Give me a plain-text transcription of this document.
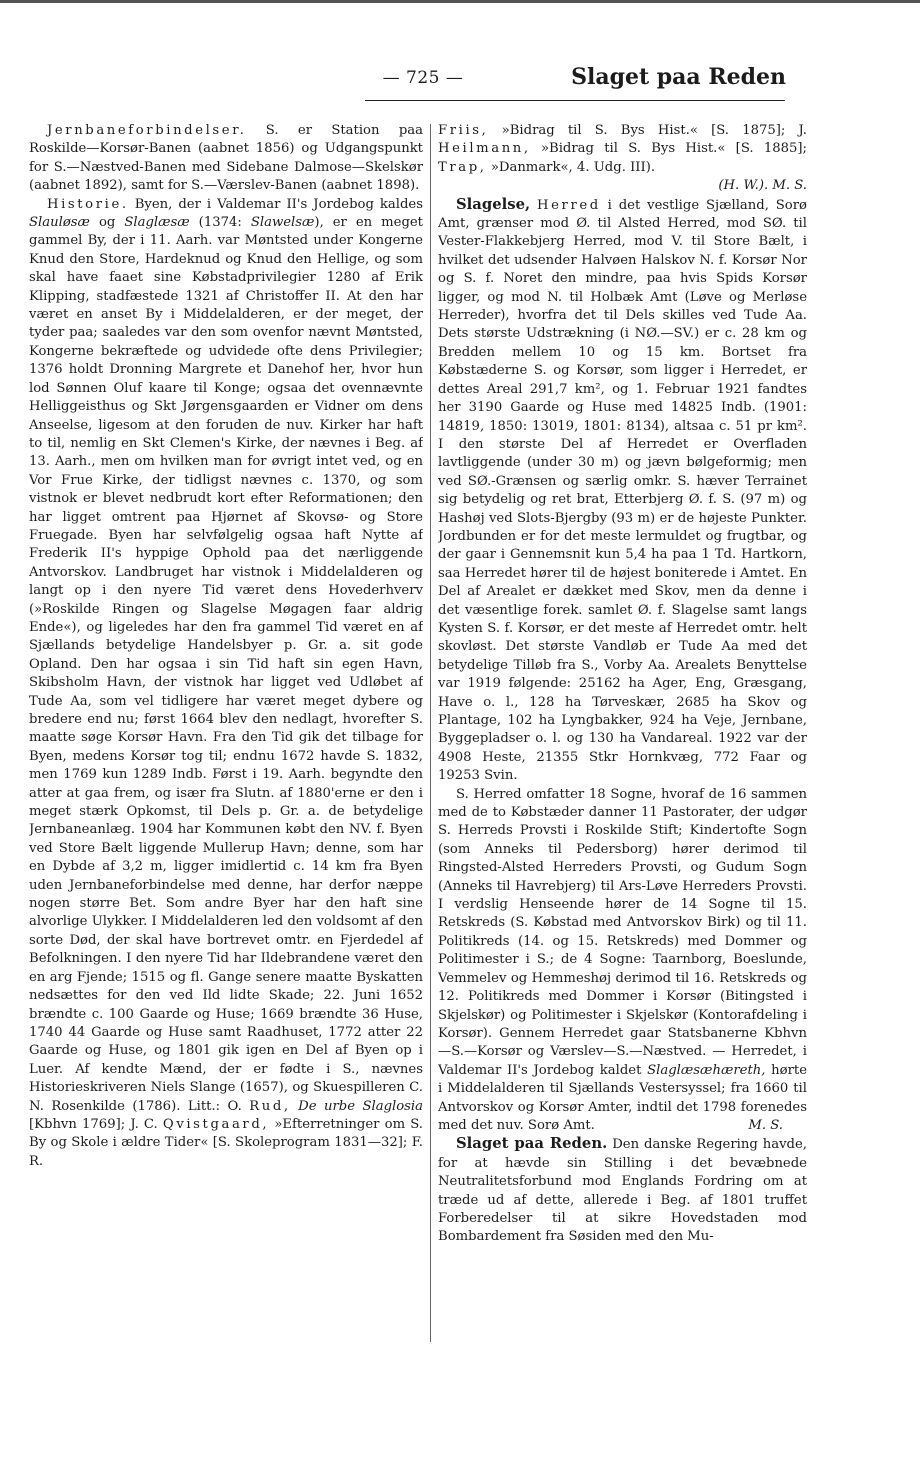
— 725 —	Slaget paa Reden

Jernbaneforbindelser. S. er Station paa Roskilde—Korsør-Banen (aabnet 1856) og Udgangspunkt for S.—Næstved-Banen med Sidebane Dalmose—Skelskør (aabnet 1892), samt for S.—Værslev-Banen (aabnet 1898).

Historie. Byen, der i Valdemar II's Jordebog kaldes Slauløsæ og Slaglæsæ (1374: Slawelsæ), er en meget gammel By, der i 11. Aarh. var Møntsted under Kongerne Knud den Store, Hardeknud og Knud den Hellige, og som skal have faaet sine Købstadprivilegier 1280 af Erik Klipping, stadfæstede 1321 af Christoffer II. At den har været en anset By i Middelalderen, er der meget, der tyder paa; saaledes var den som ovenfor nævnt Møntsted, Kongerne bekræftede og udvidede ofte dens Privilegier; 1376 holdt Dronning Margrete et Danehof her, hvor hun lod Sønnen Oluf kaare til Konge; ogsaa det ovennævnte Helliggeisthus og Skt Jørgensgaarden er Vidner om dens Anseelse, ligesom at den foruden de nuv. Kirker har haft to til, nemlig en Skt Clemen's Kirke, der nævnes i Beg. af 13. Aarh., men om hvilken man for øvrigt intet ved, og en Vor Frue Kirke, der tidligst nævnes c. 1370, og som vistnok er blevet nedbrudt kort efter Reformationen; den har ligget omtrent paa Hjørnet af Skovsø- og Store Fruegade. Byen har selvfølgelig ogsaa haft Nytte af Frederik II's hyppige Ophold paa det nærliggende Antvorskov. Landbruget har vistnok i Middelalderen og langt op i den nyere Tid været dens Hovederhverv (»Roskilde Ringen og Slagelse Møgagen faar aldrig Ende«), og ligeledes har den fra gammel Tid været en af Sjællands betydelige Handelsbyer p. Gr. a. sit gode Opland. Den har ogsaa i sin Tid haft sin egen Havn, Skibsholm Havn, der vistnok har ligget ved Udløbet af Tude Aa, som vel tidligere har været meget dybere og bredere end nu; først 1664 blev den nedlagt, hvorefter S. maatte søge Korsør Havn. Fra den Tid gik det tilbage for Byen, medens Korsør tog til; endnu 1672 havde S. 1832, men 1769 kun 1289 Indb. Først i 19. Aarh. begyndte den atter at gaa frem, og især fra Slutn. af 1880'erne er den i meget stærk Opkomst, til Dels p. Gr. a. de betydelige Jernbaneanlæg. 1904 har Kommunen købt den NV. f. Byen ved Store Bælt liggende Mullerup Havn; denne, som har en Dybde af 3,2 m, ligger imidlertid c. 14 km fra Byen uden Jernbaneforbindelse med denne, har derfor næppe nogen større Bet. Som andre Byer har den haft sine alvorlige Ulykker. I Middelalderen led den voldsomt af den sorte Død, der skal have bortrevet omtr. en Fjerdedel af Befolkningen. I den nyere Tid har Ildebrandene været den en arg Fjende; 1515 og fl. Gange senere maatte Byskatten nedsættes for den ved Ild lidte Skade; 22. Juni 1652 brændte c. 100 Gaarde og Huse; 1669 brændte 36 Huse, 1740 44 Gaarde og Huse samt Raadhuset, 1772 atter 22 Gaarde og Huse, og 1801 gik igen en Del af Byen op i Luer. Af kendte Mænd, der er fødte i S., nævnes Historieskriveren Niels Slange (1657), og Skuespilleren C. N. Rosenkilde (1786). Litt.: O. Rud, De urbe Slaglosia [Kbhvn 1769]; J. C. Qvistgaard, »Efterretninger om S. By og Skole i ældre Tider« [S. Skoleprogram 1831—32]; F. R.

Friis, »Bidrag til S. Bys Hist.« [S. 1875]; J. Heilmann, »Bidrag til S. Bys Hist.« [S. 1885]; Trap, »Danmark«, 4. Udg. III).
(H. W.). M. S.

Slagelse, Herred i det vestlige Sjælland, Sorø Amt, grænser mod Ø. til Alsted Herred, mod SØ. til Vester-Flakkebjerg Herred, mod V. til Store Bælt, i hvilket det udsender Halvøen Halskov N. f. Korsør Nor og S. f. Noret den mindre, paa hvis Spids Korsør ligger, og mod N. til Holbæk Amt (Løve og Merløse Herreder), hvorfra det til Dels skilles ved Tude Aa. Dets største Udstrækning (i NØ.—SV.) er c. 28 km og Bredden mellem 10 og 15 km. Bortset fra Købstæderne S. og Korsør, som ligger i Herredet, er dettes Areal 291,7 km², og 1. Februar 1921 fandtes her 3190 Gaarde og Huse med 14825 Indb. (1901: 14819, 1850: 13019, 1801: 8134), altsaa c. 51 pr km². I den største Del af Herredet er Overfladen lavtliggende (under 30 m) og jævn bølgeformig; men ved SØ.-Grænsen og særlig omkr. S. hæver Terrainet sig betydelig og ret brat, Etterbjerg Ø. f. S. (97 m) og Hashøj ved Slots-Bjergby (93 m) er de højeste Punkter. Jordbunden er for det meste lermuldet og frugtbar, og der gaar i Gennemsnit kun 5,4 ha paa 1 Td. Hartkorn, saa Herredet hører til de højest boniterede i Amtet. En Del af Arealet er dækket med Skov, men da denne i det væsentlige forek. samlet Ø. f. Slagelse samt langs Kysten S. f. Korsør, er det meste af Herredet omtr. helt skovløst. Det største Vandløb er Tude Aa med det betydelige Tilløb fra S., Vorby Aa. Arealets Benyttelse var 1919 følgende: 25162 ha Ager, Eng, Græsgang, Have o. l., 128 ha Tørveskær, 2685 ha Skov og Plantage, 102 ha Lyngbakker, 924 ha Veje, Jernbane, Byggepladser o. l. og 130 ha Vandareal. 1922 var der 4908 Heste, 21355 Stkr Hornkvæg, 772 Faar og 19253 Svin.

S. Herred omfatter 18 Sogne, hvoraf de 16 sammen med de to Købstæder danner 11 Pastorater, der udgør S. Herreds Provsti i Roskilde Stift; Kindertofte Sogn (som Anneks til Pedersborg) hører derimod til Ringsted-Alsted Herreders Provsti, og Gudum Sogn (Anneks til Havrebjerg) til Ars-Løve Herreders Provsti. I verdslig Henseende hører de 14 Sogne til 15. Retskreds (S. Købstad med Antvorskov Birk) og til 11. Politikreds (14. og 15. Retskreds) med Dommer og Politimester i S.; de 4 Sogne: Taarnborg, Boeslunde, Vemmelev og Hemmeshøj derimod til 16. Retskreds og 12. Politikreds med Dommer i Korsør (Bitingsted i Skjelskør) og Politimester i Skjelskør (Kontorafdeling i Korsør). Gennem Herredet gaar Statsbanerne Kbhvn —S.—Korsør og Værslev—S.—Næstved. — Herredet, i Valdemar II's Jordebog kaldet Slaglæsæhæreth, hørte i Middelalderen til Sjællands Vestersyssel; fra 1660 til Antvorskov og Korsør Amter, indtil det 1798 forenedes med det nuv. Sorø Amt.	M. S.

Slaget paa Reden. Den danske Regering havde, for at hævde sin Stilling i det bevæbnede Neutralitetsforbund mod Englands Fordring om at træde ud af dette, allerede i Beg. af 1801 truffet Forberedelser til at sikre Hovedstaden mod Bombardement fra Søsiden med den Mu-
